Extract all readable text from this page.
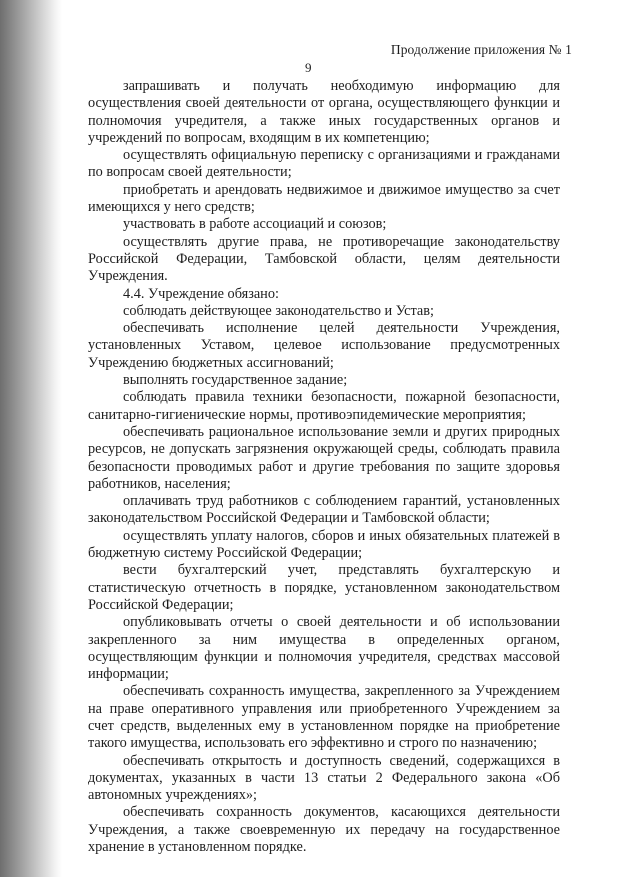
Продолжение приложения № 1
9

запрашивать и получать необходимую информацию для осуществления своей деятельности от органа, осуществляющего функции и полномочия учредителя, а также иных государственных органов и учреждений по вопросам, входящим в их компетенцию;

осуществлять официальную переписку с организациями и гражданами по вопросам своей деятельности;

приобретать и арендовать недвижимое и движимое имущество за счет имеющихся у него средств;

участвовать в работе ассоциаций и союзов;

осуществлять другие права, не противоречащие законодательству Российской Федерации, Тамбовской области, целям деятельности Учреждения.

4.4. Учреждение обязано:

соблюдать действующее законодательство и Устав;

обеспечивать исполнение целей деятельности Учреждения, установленных Уставом, целевое использование предусмотренных Учреждению бюджетных ассигнований;

выполнять государственное задание;

соблюдать правила техники безопасности, пожарной безопасности, санитарно-гигиенические нормы, противоэпидемические мероприятия;

обеспечивать рациональное использование земли и других природных ресурсов, не допускать загрязнения окружающей среды, соблюдать правила безопасности проводимых работ и другие требования по защите здоровья работников, населения;

оплачивать труд работников с соблюдением гарантий, установленных законодательством Российской Федерации и Тамбовской области;

осуществлять уплату налогов, сборов и иных обязательных платежей в бюджетную систему Российской Федерации;

вести бухгалтерский учет, представлять бухгалтерскую и статистическую отчетность в порядке, установленном законодательством Российской Федерации;

опубликовывать отчеты о своей деятельности и об использовании закрепленного за ним имущества в определенных органом, осуществляющим функции и полномочия учредителя, средствах массовой информации;

обеспечивать сохранность имущества, закрепленного за Учреждением на праве оперативного управления или приобретенного Учреждением за счет средств, выделенных ему в установленном порядке на приобретение такого имущества, использовать его эффективно и строго по назначению;

обеспечивать открытость и доступность сведений, содержащихся в документах, указанных в части 13 статьи 2 Федерального закона «Об автономных учреждениях»;

обеспечивать сохранность документов, касающихся деятельности Учреждения, а также своевременную их передачу на государственное хранение в установленном порядке.
